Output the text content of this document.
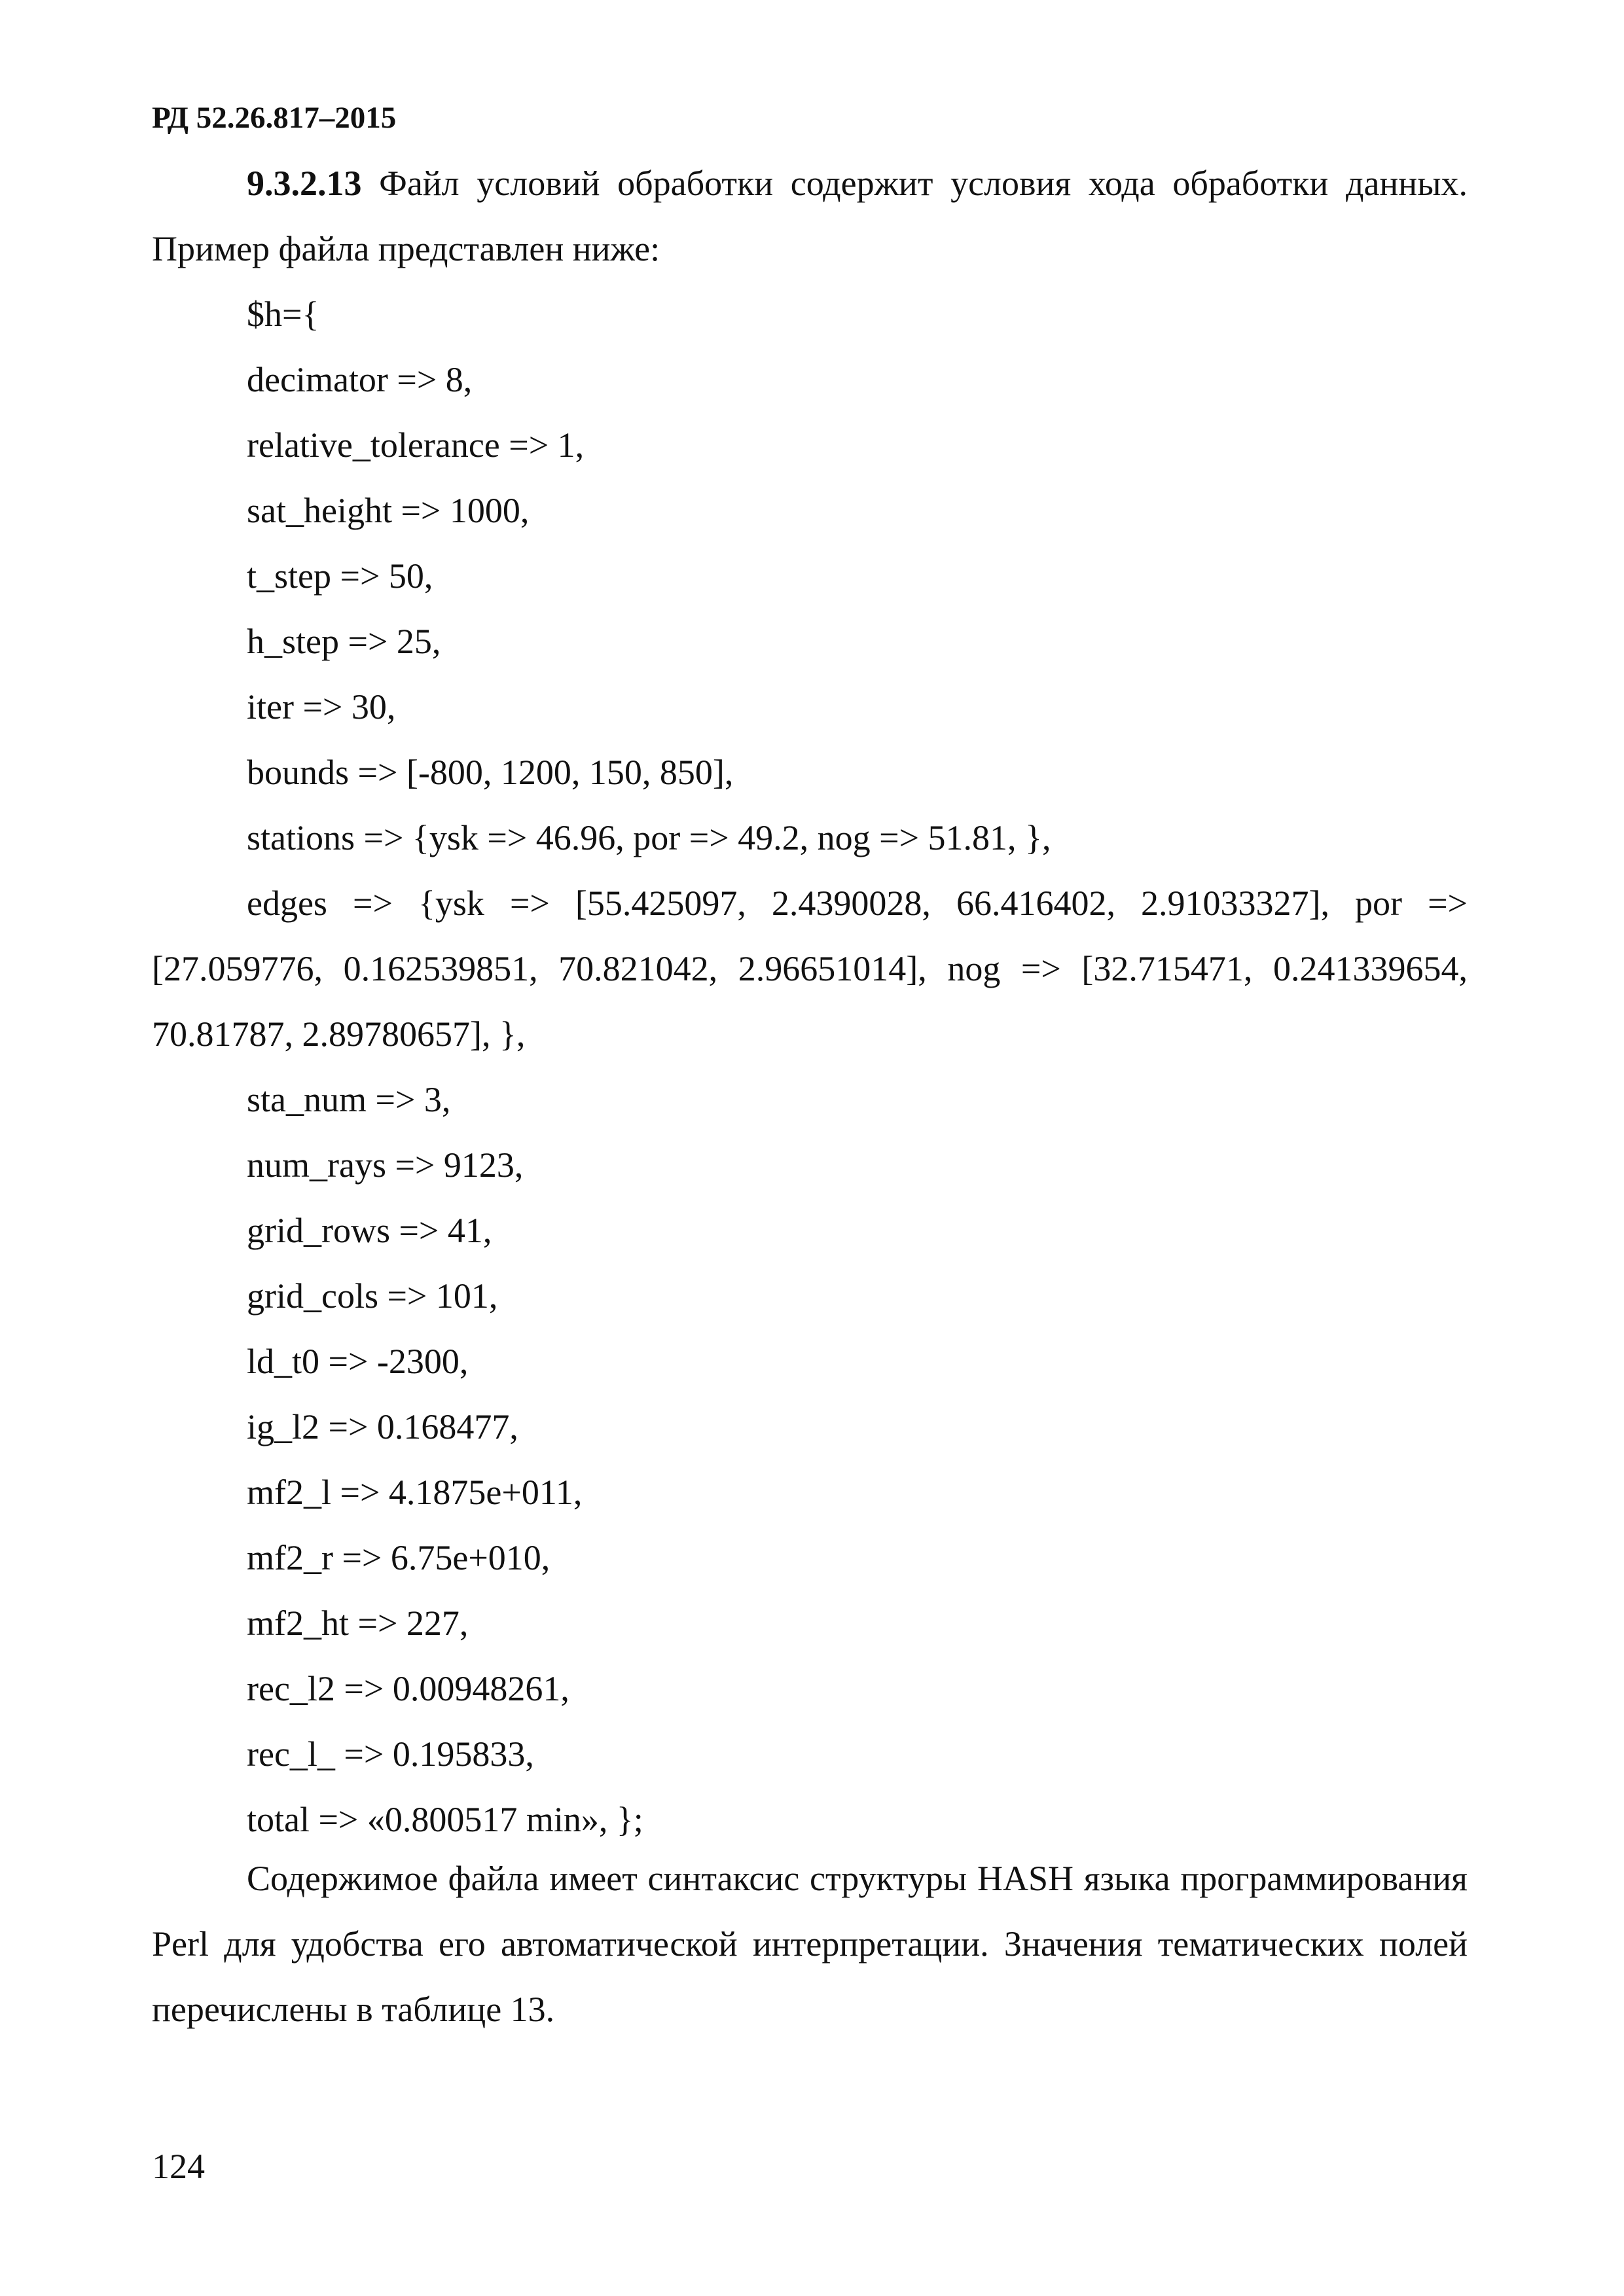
РД 52.26.817–2015

9.3.2.13 Файл условий обработки содержит условия хода обработки данных. Пример файла представлен ниже:

$h={

decimator => 8,

relative_tolerance => 1,

sat_height => 1000,

t_step => 50,

h_step => 25,

iter => 30,

bounds => [-800, 1200, 150, 850],

stations => {ysk => 46.96, por => 49.2, nog => 51.81, },

edges => {ysk => [55.425097, 2.4390028, 66.416402, 2.91033327], por => [27.059776, 0.162539851, 70.821042, 2.96651014], nog => [32.715471, 0.241339654, 70.81787, 2.89780657], },

sta_num => 3,

num_rays => 9123,

grid_rows => 41,

grid_cols => 101,

ld_t0 => -2300,

ig_l2 => 0.168477,

mf2_l => 4.1875e+011,

mf2_r => 6.75e+010,

mf2_ht => 227,

rec_l2 => 0.00948261,

rec_l_ => 0.195833,

total => «0.800517 min», };

Содержимое файла имеет синтаксис структуры HASH языка программирования Perl для удобства его автоматической интерпретации. Значения тематических полей перечислены в таблице 13.

124
